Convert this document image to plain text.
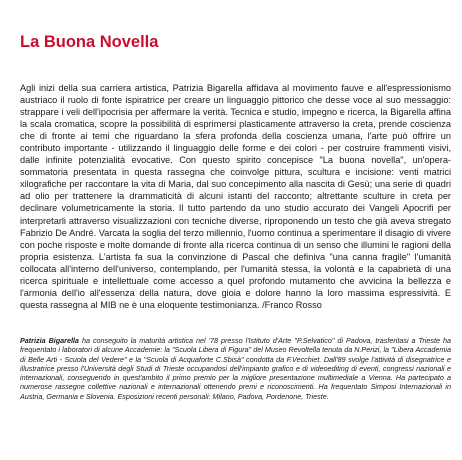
La Buona Novella

Agli inizi della sua carriera artistica, Patrizia Bigarella affidava al movimento fauve e all'espressionismo austriaco il ruolo di fonte ispiratrice per creare un linguaggio pittorico che desse voce al suo messaggio: strappare i veli dell'ipocrisia per affermare la verità. Tecnica e studio, impegno e ricerca, la Bigarella affina la scala cromatica, scopre la possibilità di esprimersi plasticamente attraverso la creta, prende coscienza che di fronte ai temi che riguardano la sfera profonda della coscienza umana, l'arte può offrire un contributo importante - utilizzando il linguaggio delle forme e dei colori - per costruire frammenti visivi, dalle infinite potenzialità evocative. Con questo spirito concepisce "La buona novella", un'opera-sommatoria presentata in questa rassegna che coinvolge pittura, scultura e incisione: venti matrici xilografiche per raccontare la vita di Maria, dal suo concepimento alla nascita di Gesù; una serie di quadri ad olio per trattenere la drammaticità di alcuni istanti del racconto; altrettante sculture in creta per declinare volumetricamente la storia. Il tutto partendo da uno studio accurato dei Vangeli Apocrifi per interpretarli attraverso visualizzazioni con tecniche diverse, riproponendo un testo che già aveva stregato Fabrizio De André. Varcata la soglia del terzo millennio, l'uomo continua a sperimentare il disagio di vivere con poche risposte e molte domande di fronte alla ricerca continua di un senso che illumini le ragioni della propria esistenza. L'artista fa sua la convinzione di Pascal che definiva "una canna fragile" l'umanità collocata all'interno dell'universo, contemplando, per l'umanità stessa, la volontà e la capabrietà di una ricerca spirituale e intellettuale come accesso a quel profondo mutamento che avvicina la bellezza e l'armonia dell'io all'essenza della natura, dove gioia e dolore hanno la loro massima espressività. E questa rassegna al MIB ne è una eloquente testimonianza. /Franco Rosso

Patrizia Bigarella ha conseguito la maturità artistica nel '78 presso l'Istituto d'Arte "P.Selvatico" di Padova, trasferitasi a Trieste ha frequentato i laboratori di alcune Accademie: la "Scuola Libera di Figura" del Museo Revoltella tenuta da N.Perizi, la "Libera Accademia di Belle Arti - Scuola del Vedere" e la "Scuola di Acquaforte C.Sbisà" condotta da F.Vecchiet. Dall'89 svolge l'attività di disegnatrice e illustratrice presso l'Università degli Studi di Trieste occupandosi dell'impianto grafico e di videoediting di eventi, congressi nazionali e internazionali, conseguendo in quest'ambito il primo premio per la migliore presentazione multimediale a Vienna. Ha partecipato a numerose rassegne collettive nazionali e internazionali ottenendo premi e riconoscimenti. Ha frequentato Simposi Internazionali in Austria, Germania e Slovenia. Esposizioni recenti personali: Milano, Padova, Pordenone, Trieste.
